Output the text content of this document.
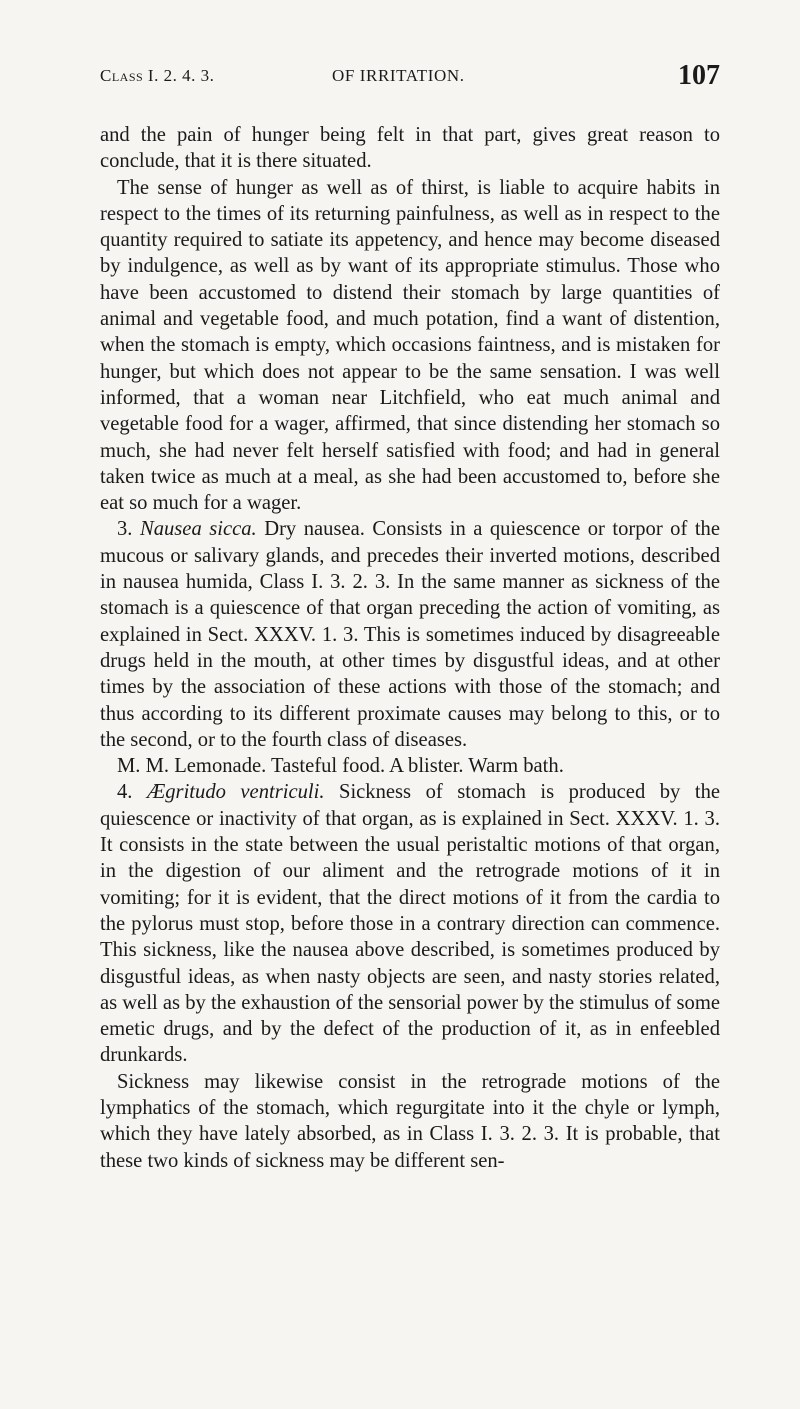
Class I. 2. 4. 3.	OF IRRITATION.	107

and the pain of hunger being felt in that part, gives great reason to conclude, that it is there situated.

The sense of hunger as well as of thirst, is liable to acquire habits in respect to the times of its returning painfulness, as well as in respect to the quantity required to satiate its appetency, and hence may become diseased by indulgence, as well as by want of its appropriate stimulus. Those who have been accustomed to distend their stomach by large quantities of animal and vegetable food, and much potation, find a want of distention, when the stomach is empty, which occasions faintness, and is mistaken for hunger, but which does not appear to be the same sensation. I was well informed, that a woman near Litchfield, who eat much animal and vegetable food for a wager, affirmed, that since distending her stomach so much, she had never felt herself satisfied with food; and had in general taken twice as much at a meal, as she had been accustomed to, before she eat so much for a wager.

3. Nausea sicca. Dry nausea. Consists in a quiescence or torpor of the mucous or salivary glands, and precedes their inverted motions, described in nausea humida, Class I. 3. 2. 3. In the same manner as sickness of the stomach is a quiescence of that organ preceding the action of vomiting, as explained in Sect. XXXV. 1. 3. This is sometimes induced by disagreeable drugs held in the mouth, at other times by disgustful ideas, and at other times by the association of these actions with those of the stomach; and thus according to its different proximate causes may belong to this, or to the second, or to the fourth class of diseases.

M. M. Lemonade. Tasteful food. A blister. Warm bath.

4. Ægritudo ventriculi. Sickness of stomach is produced by the quiescence or inactivity of that organ, as is explained in Sect. XXXV. 1. 3. It consists in the state between the usual peristaltic motions of that organ, in the digestion of our aliment and the retrograde motions of it in vomiting; for it is evident, that the direct motions of it from the cardia to the pylorus must stop, before those in a contrary direction can commence. This sickness, like the nausea above described, is sometimes produced by disgustful ideas, as when nasty objects are seen, and nasty stories related, as well as by the exhaustion of the sensorial power by the stimulus of some emetic drugs, and by the defect of the production of it, as in enfeebled drunkards.

Sickness may likewise consist in the retrograde motions of the lymphatics of the stomach, which regurgitate into it the chyle or lymph, which they have lately absorbed, as in Class I. 3. 2. 3. It is probable, that these two kinds of sickness may be different sen-
